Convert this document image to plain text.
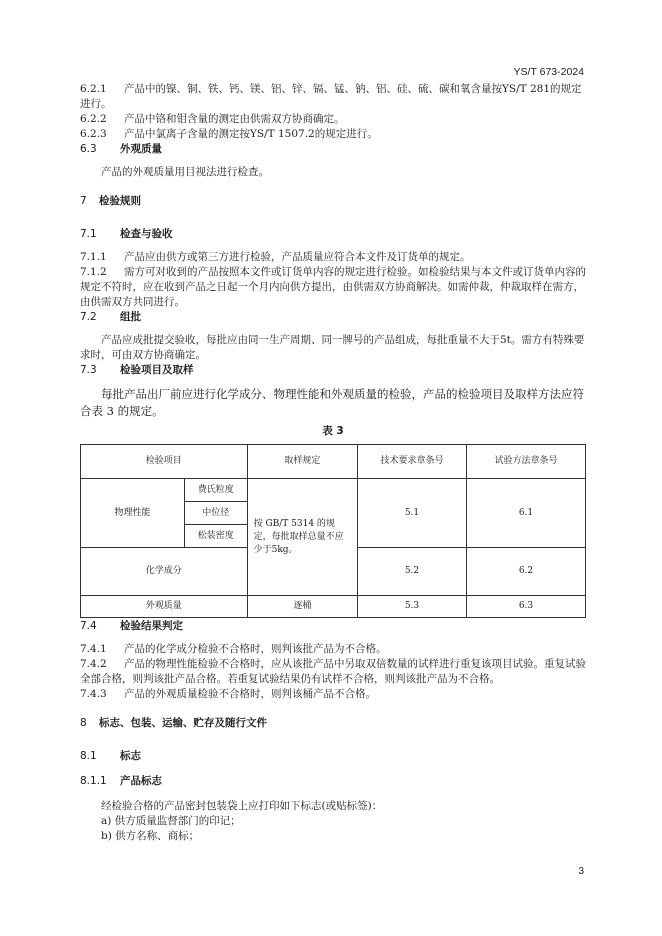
YS/T 673-2024

6.2.1 产品中的镍、铜、铁、钙、镁、铝、锌、镉、锰、钠、铝、硅、硫、碳和氧含量按YS/T 281的规定进行。

6.2.2 产品中铬和钼含量的测定由供需双方协商确定。

6.2.3 产品中氯离子含量的测定按YS/T 1507.2的规定进行。

6.3 外观质量

产品的外观质量用目视法进行检查。

7 检验规则

7.1 检查与验收

7.1.1 产品应由供方或第三方进行检验，产品质量应符合本文件及订货单的规定。

7.1.2 需方可对收到的产品按照本文件或订货单内容的规定进行检验。如检验结果与本文件或订货单内容的规定不符时，应在收到产品之日起一个月内向供方提出，由供需双方协商解决。如需仲裁，仲裁取样在需方，由供需双方共同进行。

7.2 组批

产品应成批提交验收，每批应由同一生产周期、同一牌号的产品组成，每批重量不大于5t。需方有特殊要求时，可由双方协商确定。

7.3 检验项目及取样

每批产品出厂前应进行化学成分、物理性能和外观质量的检验，产品的检验项目及取样方法应符合表 3 的规定。

表 3

检验项目		取样规定	技术要求章条号	试验方法章条号
物理性能	费氏粒度	按 GB/T 5314 的规定，每批取样总量不应少于5kg。	5.1	6.1
	中位径			
	松装密度			
化学成分			5.2	6.2
外观质量		逐桶	5.3	6.3

7.4 检验结果判定

7.4.1 产品的化学成分检验不合格时，则判该批产品为不合格。

7.4.2 产品的物理性能检验不合格时，应从该批产品中另取双倍数量的试样进行重复该项目试验。重复试验全部合格，则判该批产品合格。若重复试验结果仍有试样不合格，则判该批产品为不合格。

7.4.3 产品的外观质量检验不合格时，则判该桶产品不合格。

8 标志、包装、运输、贮存及随行文件

8.1 标志

8.1.1 产品标志

经检验合格的产品密封包装袋上应打印如下标志(或贴标签)：

a) 供方质量监督部门的印记；

b) 供方名称、商标；

3
